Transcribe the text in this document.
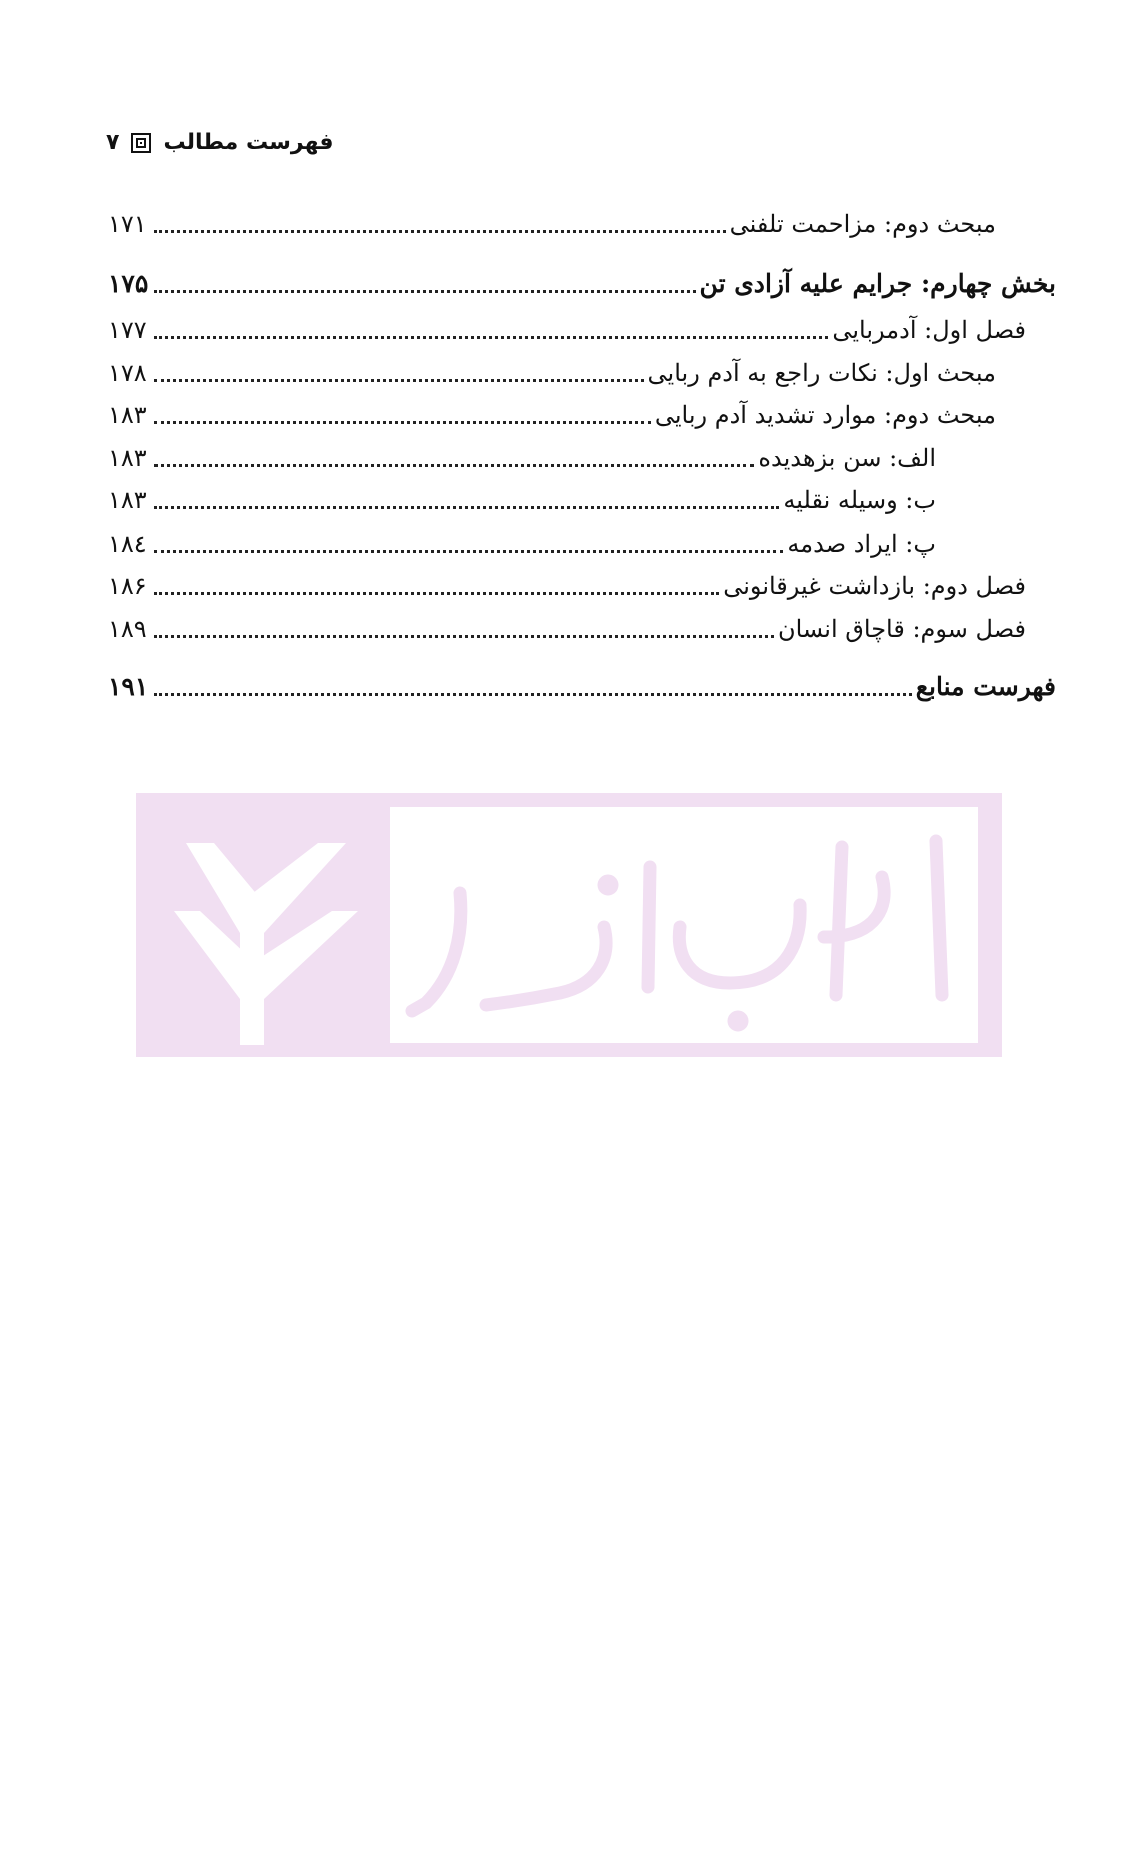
۷ فهرست مطالب
مبحث دوم: مزاحمت تلفنی
۱۷۱
بخش چهارم: جرایم علیه آزادی تن
۱۷۵
فصل اول: آدمربایی
۱۷۷
مبحث اول: نکات راجع به آدم ربایی
۱۷۸
مبحث دوم: موارد تشدید آدم ربایی
۱۸۳
الف: سن بزهدیده
۱۸۳
ب: وسیله نقلیه
۱۸۳
پ: ایراد صدمه
۱۸٤
فصل دوم: بازداشت غیرقانونی
۱۸۶
فصل سوم: قاچاق انسان
۱۸۹
فهرست منابع
۱۹۱
